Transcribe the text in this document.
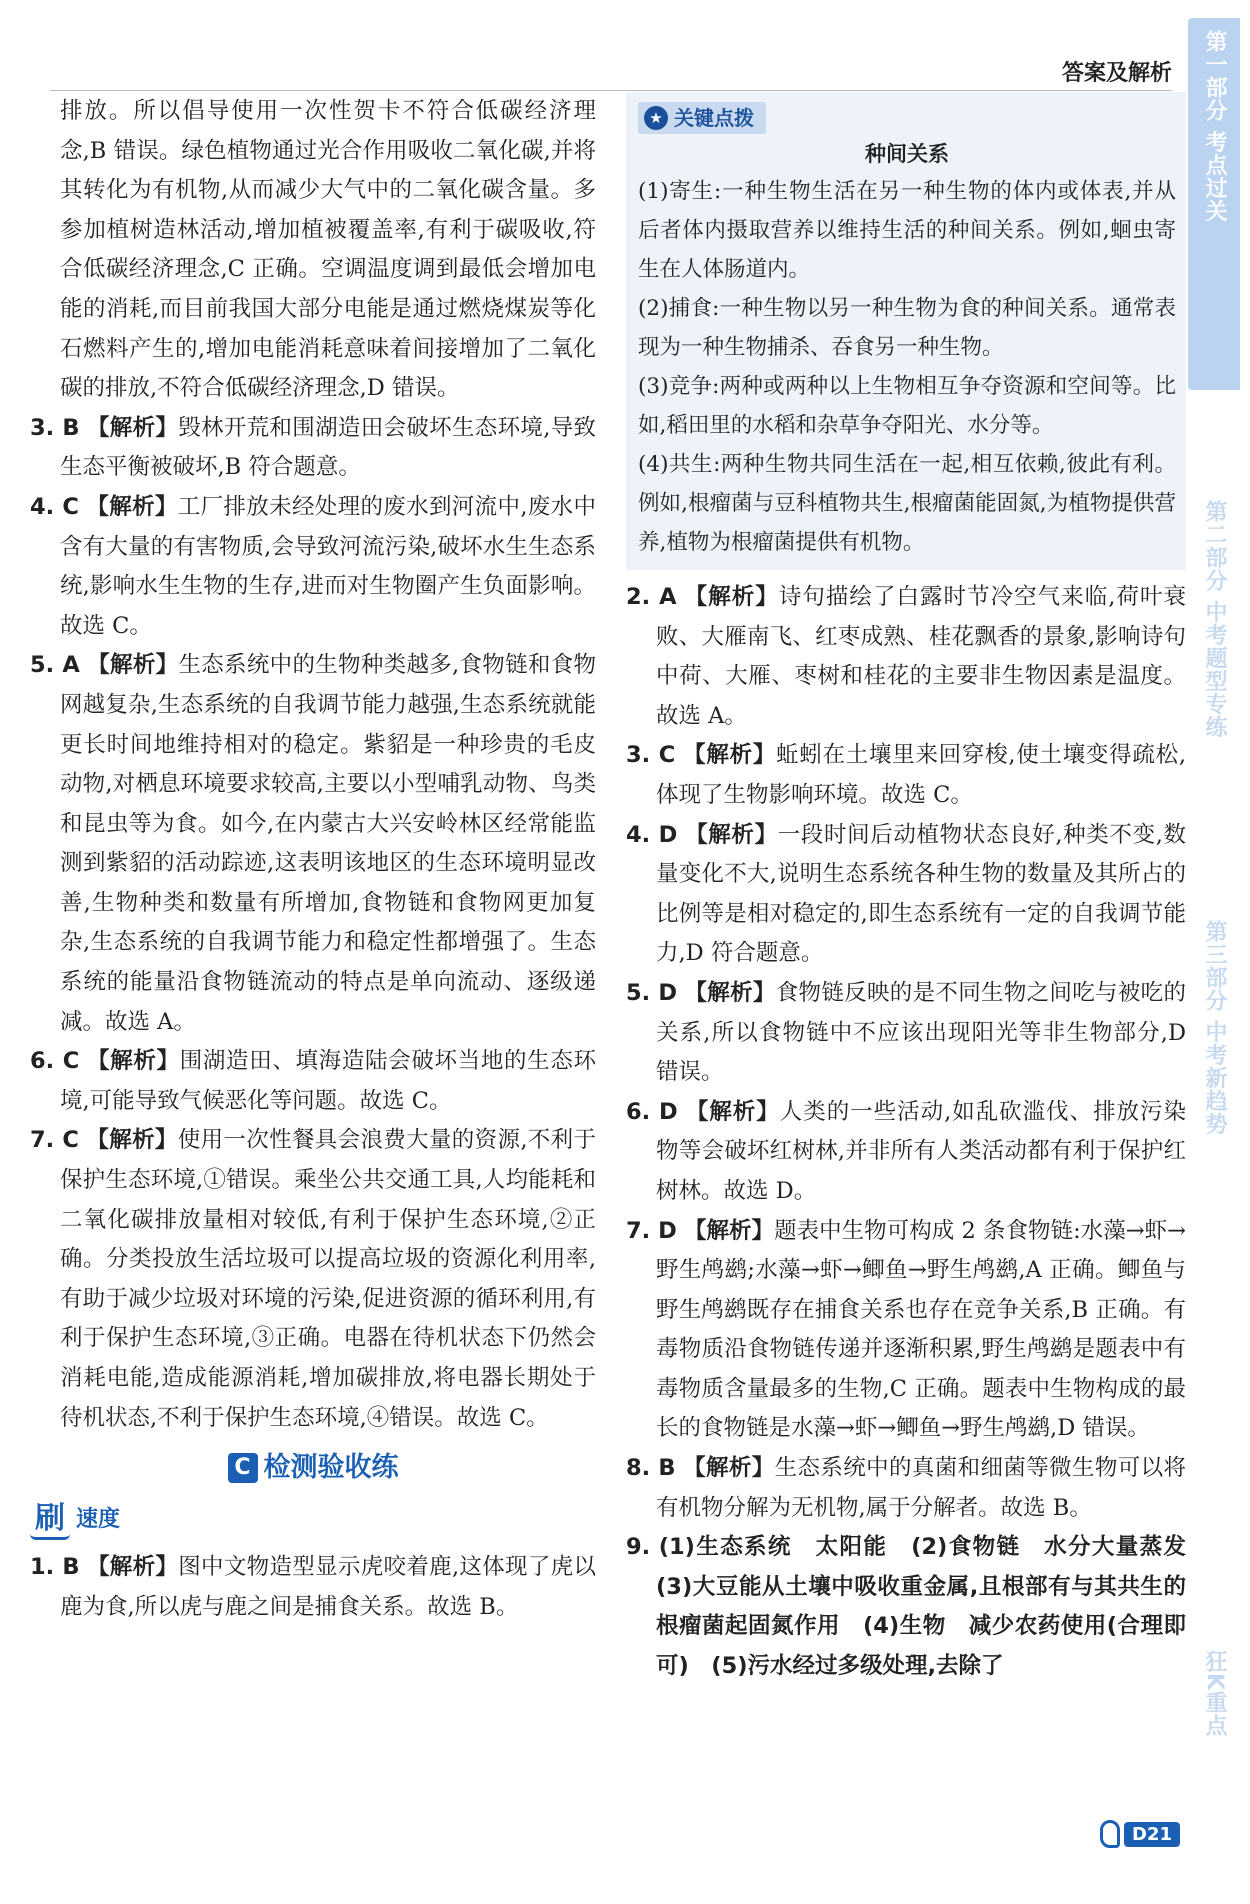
答案及解析	第一部分 考点过关
第二部分 中考题型专练
第三部分 中考新趋势
狂K重点
排放。所以倡导使用一次性贺卡不符合低碳经济理念,B 错误。绿色植物通过光合作用吸收二氧化碳,并将其转化为有机物,从而减少大气中的二氧化碳含量。多参加植树造林活动,增加植被覆盖率,有利于碳吸收,符合低碳经济理念,C 正确。空调温度调到最低会增加电能的消耗,而目前我国大部分电能是通过燃烧煤炭等化石燃料产生的,增加电能消耗意味着间接增加了二氧化碳的排放,不符合低碳经济理念,D 错误。
3. B 【解析】毁林开荒和围湖造田会破坏生态环境,导致生态平衡被破坏,B 符合题意。
4. C 【解析】工厂排放未经处理的废水到河流中,废水中含有大量的有害物质,会导致河流污染,破坏水生生态系统,影响水生生物的生存,进而对生物圈产生负面影响。故选 C。
5. A 【解析】生态系统中的生物种类越多,食物链和食物网越复杂,生态系统的自我调节能力越强,生态系统就能更长时间地维持相对的稳定。紫貂是一种珍贵的毛皮动物,对栖息环境要求较高,主要以小型哺乳动物、鸟类和昆虫等为食。如今,在内蒙古大兴安岭林区经常能监测到紫貂的活动踪迹,这表明该地区的生态环境明显改善,生物种类和数量有所增加,食物链和食物网更加复杂,生态系统的自我调节能力和稳定性都增强了。生态系统的能量沿食物链流动的特点是单向流动、逐级递减。故选 A。
6. C 【解析】围湖造田、填海造陆会破坏当地的生态环境,可能导致气候恶化等问题。故选 C。
7. C 【解析】使用一次性餐具会浪费大量的资源,不利于保护生态环境,①错误。乘坐公共交通工具,人均能耗和二氧化碳排放量相对较低,有利于保护生态环境,②正确。分类投放生活垃圾可以提高垃圾的资源化利用率,有助于减少垃圾对环境的污染,促进资源的循环利用,有利于保护生态环境,③正确。电器在待机状态下仍然会消耗电能,造成能源消耗,增加碳排放,将电器长期处于待机状态,不利于保护生态环境,④错误。故选 C。
C 检测验收练
刷 速度
1. B 【解析】图中文物造型显示虎咬着鹿,这体现了虎以鹿为食,所以虎与鹿之间是捕食关系。故选 B。
★ 关键点拨
种间关系
(1)寄生:一种生物生活在另一种生物的体内或体表,并从后者体内摄取营养以维持生活的种间关系。例如,蛔虫寄生在人体肠道内。
(2)捕食:一种生物以另一种生物为食的种间关系。通常表现为一种生物捕杀、吞食另一种生物。
(3)竞争:两种或两种以上生物相互争夺资源和空间等。比如,稻田里的水稻和杂草争夺阳光、水分等。
(4)共生:两种生物共同生活在一起,相互依赖,彼此有利。例如,根瘤菌与豆科植物共生,根瘤菌能固氮,为植物提供营养,植物为根瘤菌提供有机物。
2. A 【解析】诗句描绘了白露时节冷空气来临,荷叶衰败、大雁南飞、红枣成熟、桂花飘香的景象,影响诗句中荷、大雁、枣树和桂花的主要非生物因素是温度。故选 A。
3. C 【解析】蚯蚓在土壤里来回穿梭,使土壤变得疏松,体现了生物影响环境。故选 C。
4. D 【解析】一段时间后动植物状态良好,种类不变,数量变化不大,说明生态系统各种生物的数量及其所占的比例等是相对稳定的,即生态系统有一定的自我调节能力,D 符合题意。
5. D 【解析】食物链反映的是不同生物之间吃与被吃的关系,所以食物链中不应该出现阳光等非生物部分,D 错误。
6. D 【解析】人类的一些活动,如乱砍滥伐、排放污染物等会破坏红树林,并非所有人类活动都有利于保护红树林。故选 D。
7. D 【解析】题表中生物可构成 2 条食物链:水藻→虾→野生鸬鹚;水藻→虾→鲫鱼→野生鸬鹚,A 正确。鲫鱼与野生鸬鹚既存在捕食关系也存在竞争关系,B 正确。有毒物质沿食物链传递并逐渐积累,野生鸬鹚是题表中有毒物质含量最多的生物,C 正确。题表中生物构成的最长的食物链是水藻→虾→鲫鱼→野生鸬鹚,D 错误。
8. B 【解析】生态系统中的真菌和细菌等微生物可以将有机物分解为无机物,属于分解者。故选 B。
9. (1)生态系统　太阳能　(2)食物链　水分大量蒸发　(3)大豆能从土壤中吸收重金属,且根部有与其共生的根瘤菌起固氮作用　(4)生物　减少农药使用(合理即可)　(5)污水经过多级处理,去除了
D21
